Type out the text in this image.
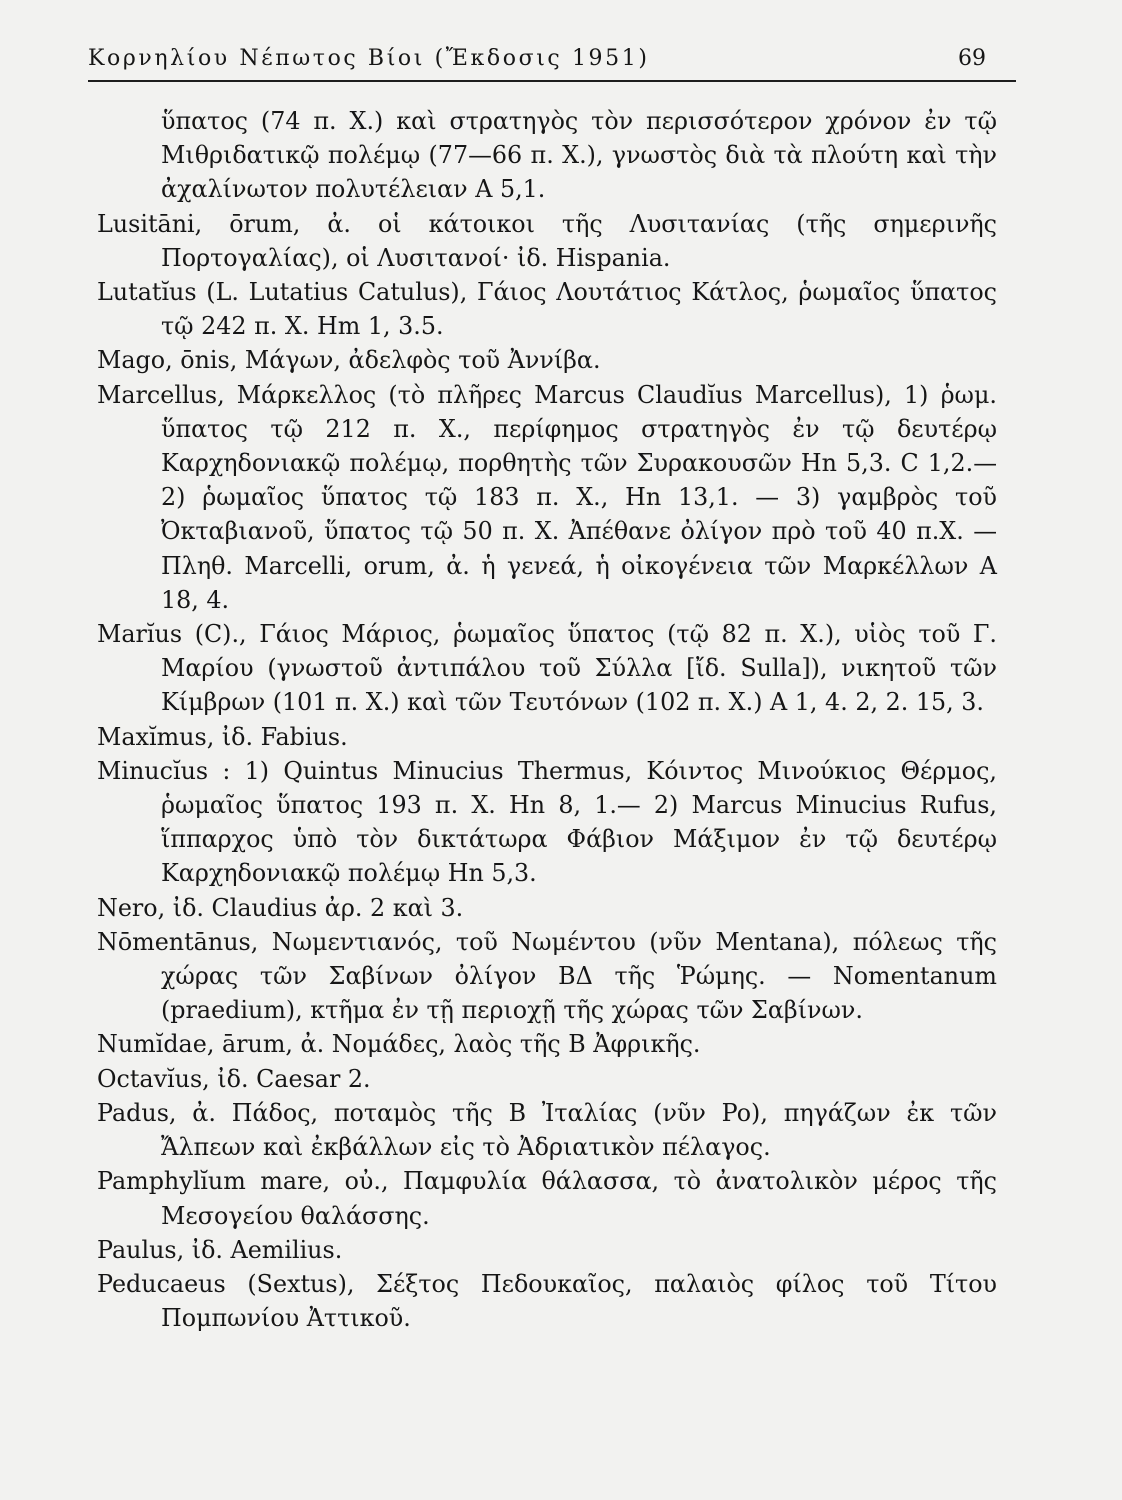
Κορνηλίου Νέπωτος Βίοι (Ἔκδοσις 1951)	69

ὕπατος (74 π. Χ.) καὶ στρατηγὸς τὸν περισσότερον χρόνον ἐν τῷ Μιθριδατικῷ πολέμῳ (77—66 π. Χ.), γνωστὸς διὰ τὰ πλούτη καὶ τὴν ἀχαλίνωτον πολυτέλειαν Α 5,1.

Lusitāni, ōrum, ἀ. οἱ κάτοικοι τῆς Λυσιτανίας (τῆς σημερινῆς Πορτογαλίας), οἱ Λυσιτανοί· ἰδ. Hispania.

Lutatĭus (L. Lutatius Catulus), Γάιος Λουτάτιος Κάτλος, ῥωμαῖος ὕπατος τῷ 242 π. Χ. Hm 1, 3.5.

Mago, ōnis, Μάγων, ἀδελφὸς τοῦ Ἀννίβα.

Marcellus, Μάρκελλος (τὸ πλῆρες Marcus Claudĭus Marcellus), 1) ῥωμ. ὕπατος τῷ 212 π. Χ., περίφημος στρατηγὸς ἐν τῷ δευτέρῳ Καρχηδονιακῷ πολέμῳ, πορθητὴς τῶν Συρακουσῶν Hn 5,3. C 1,2.—2) ῥωμαῖος ὕπατος τῷ 183 π. Χ., Hn 13,1. — 3) γαμβρὸς τοῦ Ὀκταβιανοῦ, ὕπατος τῷ 50 π. Χ. Ἀπέθανε ὀλίγον πρὸ τοῦ 40 π.Χ. — Πληθ. Marcelli, orum, ἀ. ἡ γενεά, ἡ οἰκογένεια τῶν Μαρκέλλων Α 18, 4.

Marĭus (C)., Γάιος Μάριος, ῥωμαῖος ὕπατος (τῷ 82 π. Χ.), υἱὸς τοῦ Γ. Μαρίου (γνωστοῦ ἀντιπάλου τοῦ Σύλλα [ἴδ. Sulla]), νικητοῦ τῶν Κίμβρων (101 π. Χ.) καὶ τῶν Τευτόνων (102 π. Χ.) Α 1, 4. 2, 2. 15, 3.

Maxĭmus, ἰδ. Fabius.

Minucĭus : 1) Quintus Minucius Thermus, Κόιντος Μινούκιος Θέρμος, ῥωμαῖος ὕπατος 193 π. Χ. Hn 8, 1.— 2) Marcus Minucius Rufus, ἵππαρχος ὑπὸ τὸν δικτάτωρα Φάβιον Μάξιμον ἐν τῷ δευτέρῳ Καρχηδονιακῷ πολέμῳ Hn 5,3.

Nero, ἰδ. Claudius ἀρ. 2 καὶ 3.

Nōmentānus, Νωμεντιανός, τοῦ Νωμέντου (νῦν Mentana), πόλεως τῆς χώρας τῶν Σαβίνων ὀλίγον ΒΔ τῆς Ῥώμης. — Nomentanum (praedium), κτῆμα ἐν τῇ περιοχῇ τῆς χώρας τῶν Σαβίνων.

Numĭdae, ārum, ἀ. Νομάδες, λαὸς τῆς Β Ἀφρικῆς.

Octavĭus, ἰδ. Caesar 2.

Padus, ἀ. Πάδος, ποταμὸς τῆς Β Ἰταλίας (νῦν Po), πηγάζων ἐκ τῶν Ἄλπεων καὶ ἐκβάλλων εἰς τὸ Ἀδριατικὸν πέλαγος.

Pamphylĭum mare, οὐ., Παμφυλία θάλασσα, τὸ ἀνατολικὸν μέρος τῆς Μεσογείου θαλάσσης.

Paulus, ἰδ. Aemilius.

Peducaeus (Sextus), Σέξτος Πεδουκαῖος, παλαιὸς φίλος τοῦ Τίτου Πομπωνίου Ἀττικοῦ.
